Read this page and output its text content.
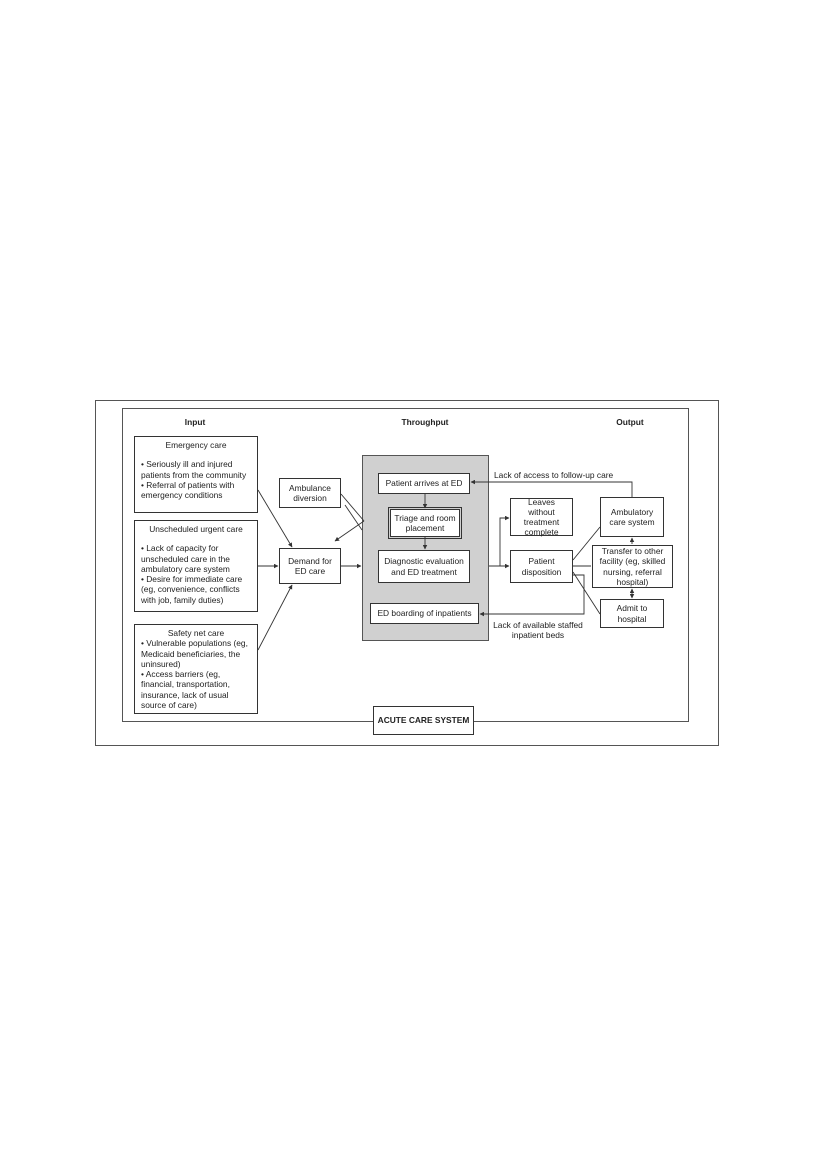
Input	Throughput	Output
Emergency care
• Seriously ill and injured patients from the community
• Referral of patients with emergency conditions
Unscheduled urgent care
• Lack of capacity for unscheduled care in the ambulatory care system
• Desire for immediate care (eg, convenience, conflicts with job, family duties)
Safety net care
• Vulnerable populations (eg, Medicaid beneficiaries, the uninsured)
• Access barriers (eg, financial, transportation, insurance, lack of usual source of care)
Ambulance diversion
Demand for ED care
Patient arrives at ED
Triage and room placement
Diagnostic evaluation and ED treatment
ED boarding of inpatients
Leaves without treatment complete
Patient disposition
Ambulatory care system
Transfer to other facility (eg, skilled nursing, referral hospital)
Admit to hospital
Lack of access to follow-up care
Lack of available staffed inpatient beds
ACUTE CARE SYSTEM
